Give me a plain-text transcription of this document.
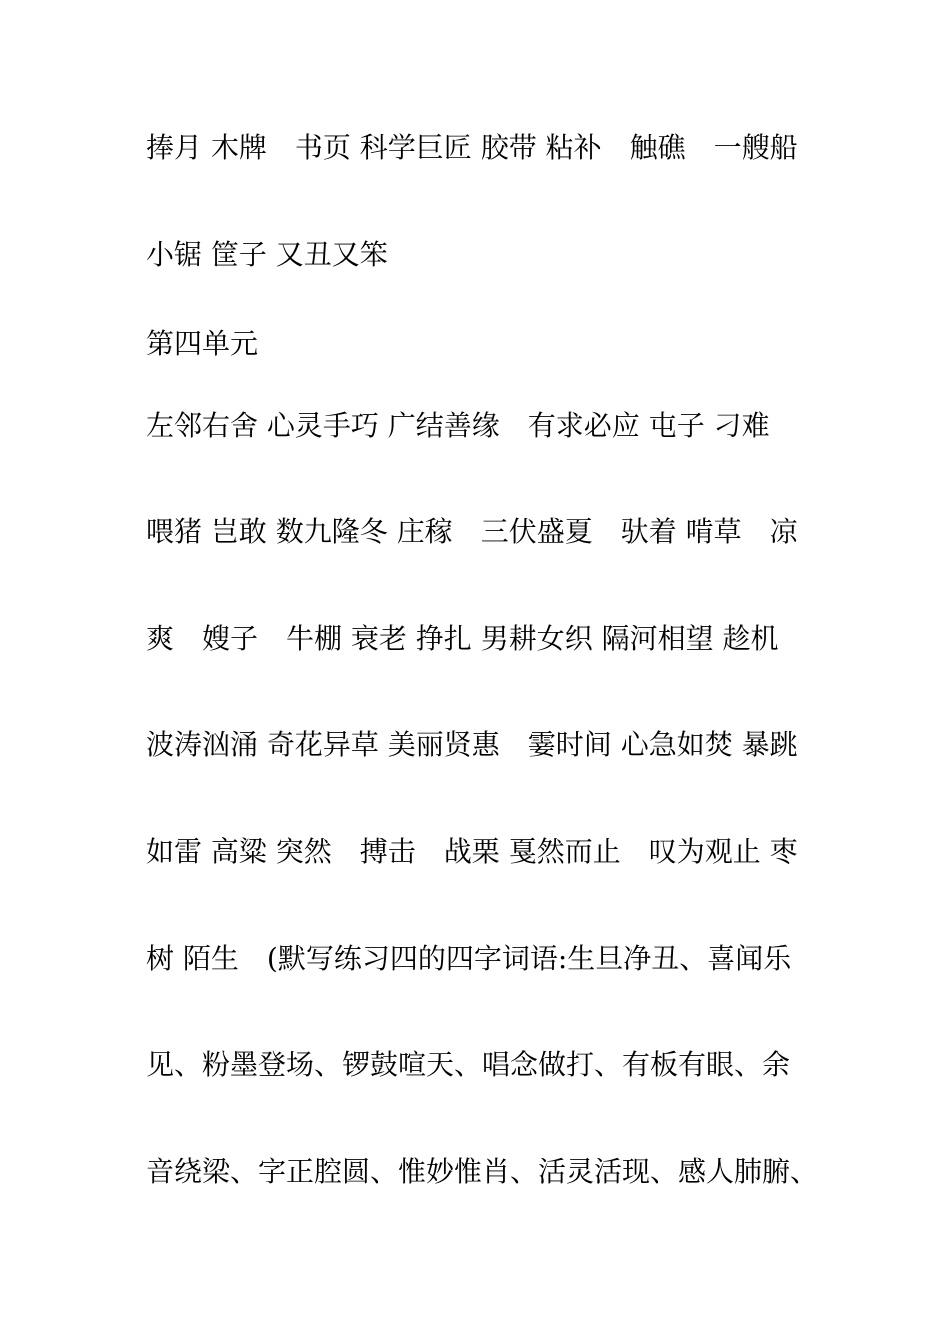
捧月 木牌　书页 科学巨匠 胶带 粘补　触礁　一艘船
小锯 筐子 又丑又笨
第四单元
左邻右舍 心灵手巧 广结善缘　有求必应 屯子 刁难
喂猪 岂敢 数九隆冬 庄稼　三伏盛夏　驮着 啃草　凉
爽　嫂子　牛棚 衰老 挣扎 男耕女织 隔河相望 趁机
波涛汹涌 奇花异草 美丽贤惠　霎时间 心急如焚 暴跳
如雷 高粱 突然　搏击　战栗 戛然而止　叹为观止 枣
树 陌生　(默写练习四的四字词语:生旦净丑、喜闻乐
见、粉墨登场、锣鼓喧天、唱念做打、有板有眼、余
音绕梁、字正腔圆、惟妙惟肖、活灵活现、感人肺腑、
